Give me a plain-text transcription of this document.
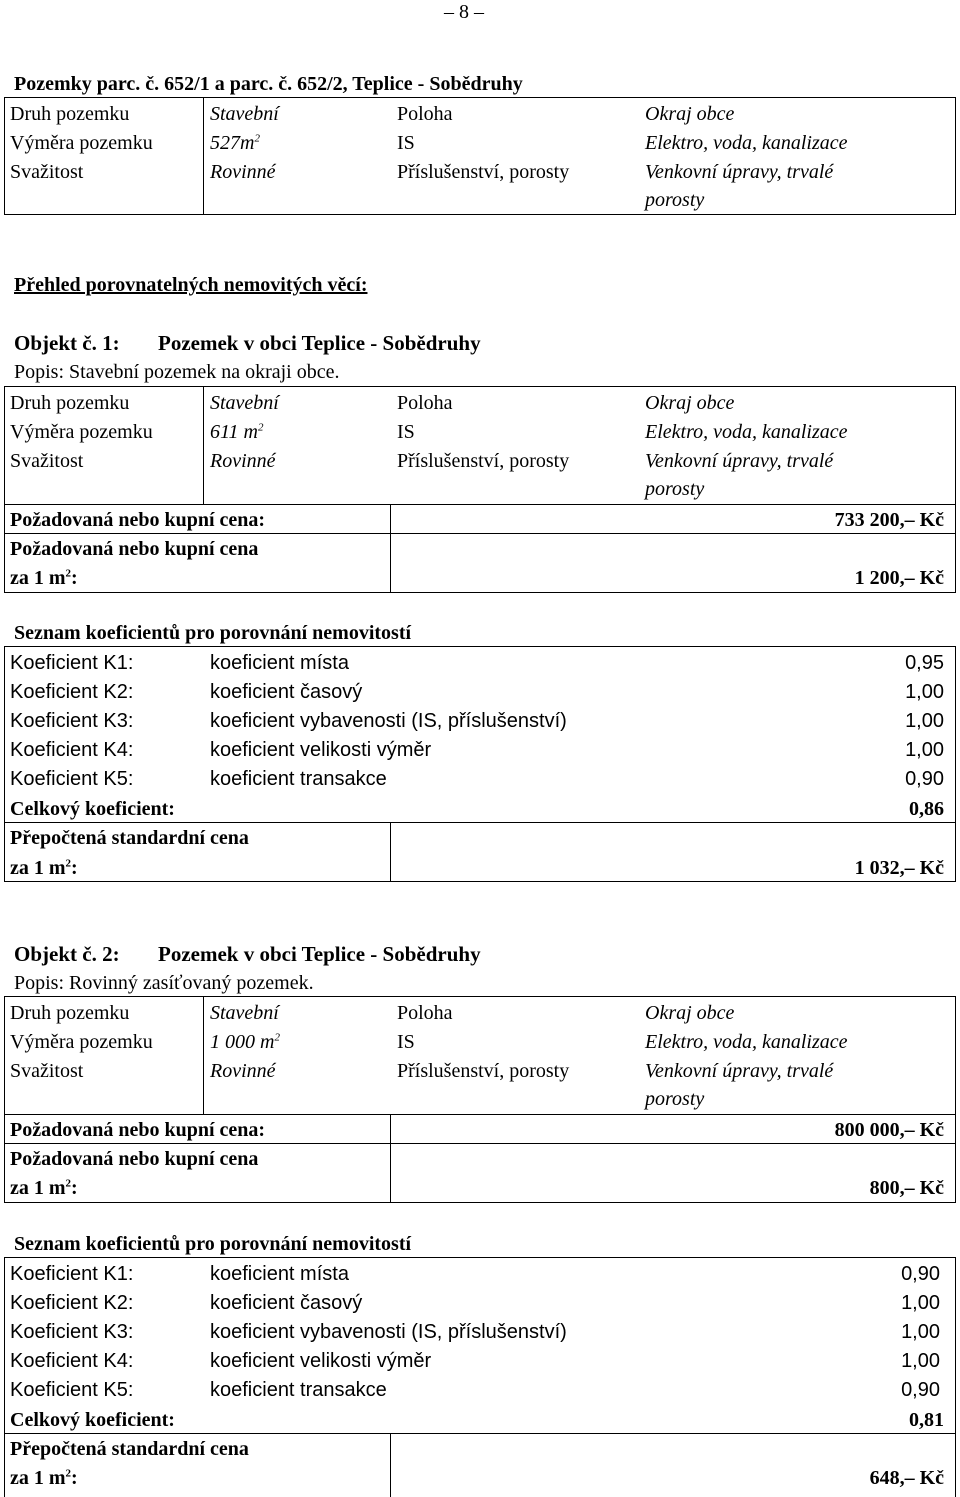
– 8 –
Pozemky parc. č. 652/1 a parc. č. 652/2, Teplice - Sobědruhy
Druh pozemku	Stavební	Poloha	Okraj obce
Výměra pozemku	$527m^2$	IS	Elektro, voda, kanalizace
Svažitost	Rovinné	Příslušenství, porosty	Venkovní úpravy, trvalé
porosty
Přehled porovnatelných nemovitých věcí:
Objekt č. 1: Pozemek v obci Teplice - Sobědruhy
Popis: Stavební pozemek na okraji obce.
Druh pozemku	Stavební	Poloha	Okraj obce
Výměra pozemku	611 $m^2$	IS	Elektro, voda, kanalizace
Svažitost	Rovinné	Příslušenství, porosty	Venkovní úpravy, trvalé
porosty
Požadovaná nebo kupní cena:	733 200,– Kč
Požadovaná nebo kupní cena
za 1 $m^2$:	1 200,– Kč
Seznam koeficientů pro porovnání nemovitostí
Koeficient K1:	koeficient místa	0,95
Koeficient K2:	koeficient časový	1,00
Koeficient K3:	koeficient vybavenosti (IS, příslušenství)	1,00
Koeficient K4:	koeficient velikosti výměr	1,00
Koeficient K5:	koeficient transakce	0,90
Celkový koeficient:	0,86
Přepočtená standardní cena
za 1 $m^2$:	1 032,– Kč
Objekt č. 2: Pozemek v obci Teplice - Sobědruhy
Popis: Rovinný zasíťovaný pozemek.
Druh pozemku	Stavební	Poloha	Okraj obce
Výměra pozemku	1 000 $m^2$	IS	Elektro, voda, kanalizace
Svažitost	Rovinné	Příslušenství, porosty	Venkovní úpravy, trvalé
porosty
Požadovaná nebo kupní cena:	800 000,– Kč
Požadovaná nebo kupní cena
za 1 $m^2$:	800,– Kč
Seznam koeficientů pro porovnání nemovitostí
Koeficient K1:	koeficient místa	0,90
Koeficient K2:	koeficient časový	1,00
Koeficient K3:	koeficient vybavenosti (IS, příslušenství)	1,00
Koeficient K4:	koeficient velikosti výměr	1,00
Koeficient K5:	koeficient transakce	0,90
Celkový koeficient:	0,81
Přepočtená standardní cena
za 1 $m^2$:	648,– Kč
